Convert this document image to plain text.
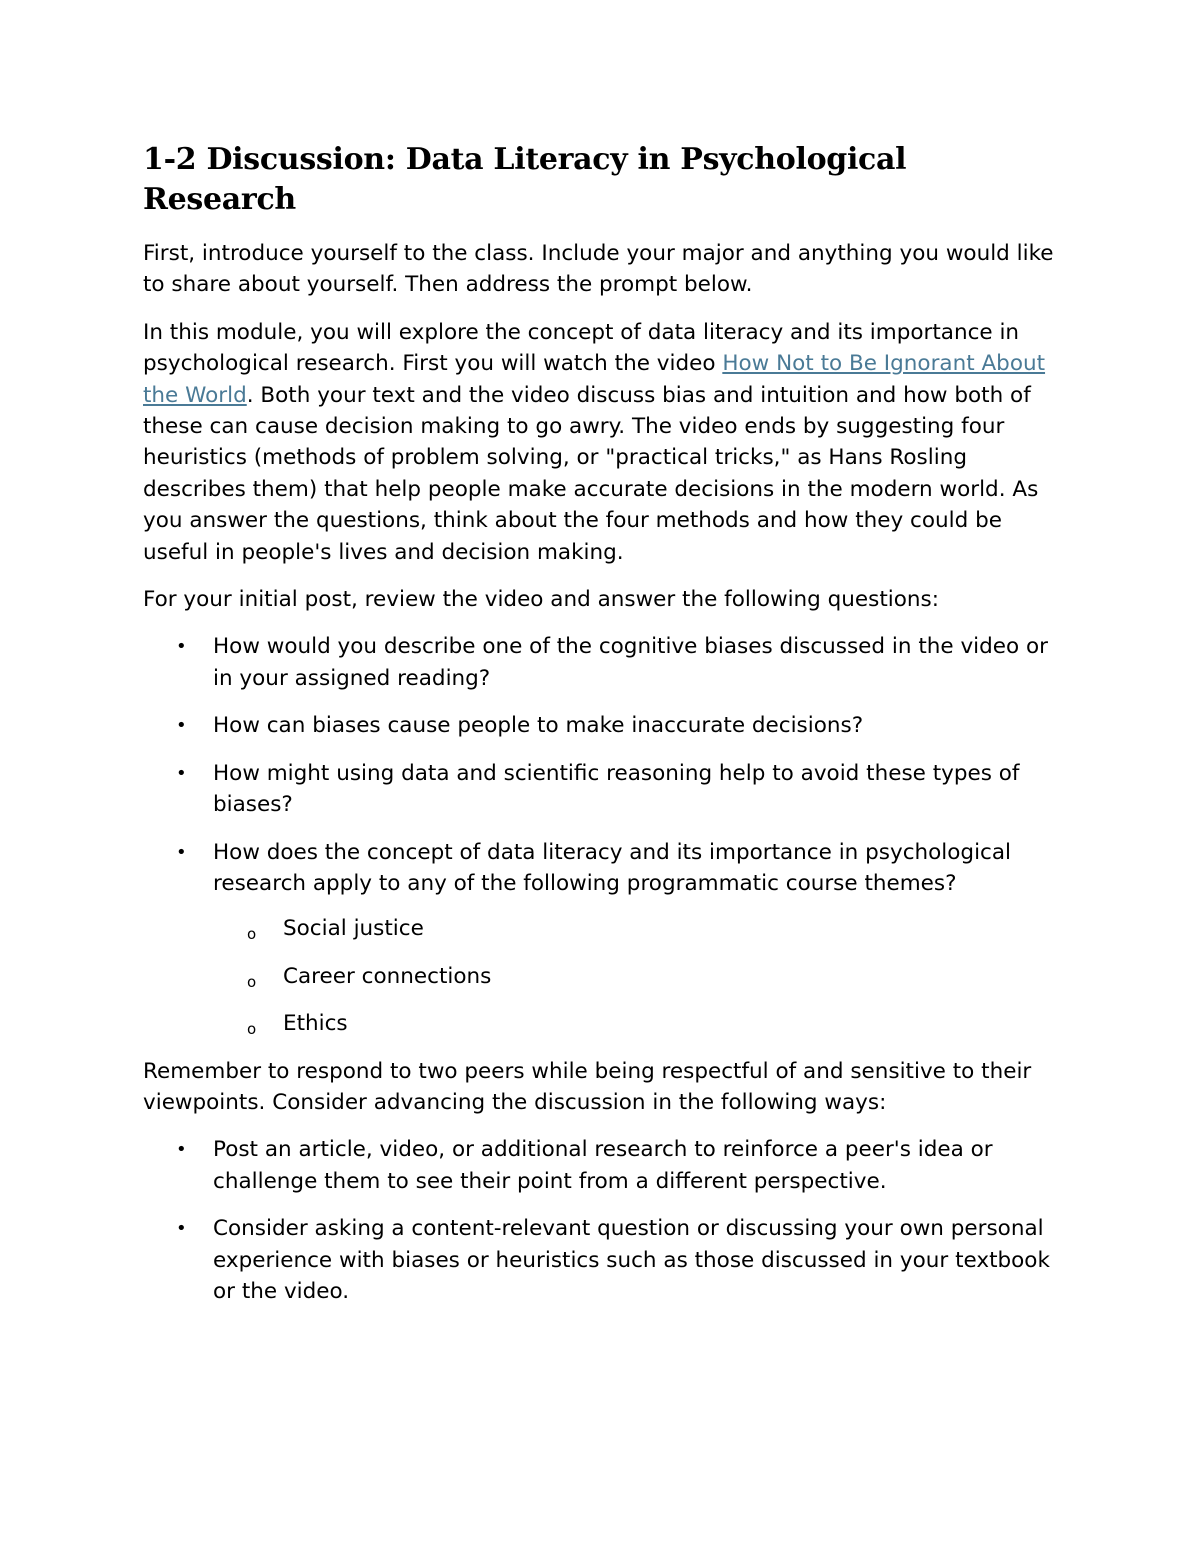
1-2 Discussion: Data Literacy in Psychological Research

First, introduce yourself to the class. Include your major and anything you would like to share about yourself. Then address the prompt below.

In this module, you will explore the concept of data literacy and its importance in psychological research. First you will watch the video How Not to Be Ignorant About the World. Both your text and the video discuss bias and intuition and how both of these can cause decision making to go awry. The video ends by suggesting four heuristics (methods of problem solving, or "practical tricks," as Hans Rosling describes them) that help people make accurate decisions in the modern world. As you answer the questions, think about the four methods and how they could be useful in people's lives and decision making.

For your initial post, review the video and answer the following questions:

• How would you describe one of the cognitive biases discussed in the video or in your assigned reading?
• How can biases cause people to make inaccurate decisions?
• How might using data and scientific reasoning help to avoid these types of biases?
• How does the concept of data literacy and its importance in psychological research apply to any of the following programmatic course themes?
o Social justice
o Career connections
o Ethics

Remember to respond to two peers while being respectful of and sensitive to their viewpoints. Consider advancing the discussion in the following ways:

• Post an article, video, or additional research to reinforce a peer's idea or challenge them to see their point from a different perspective.
• Consider asking a content-relevant question or discussing your own personal experience with biases or heuristics such as those discussed in your textbook or the video.
